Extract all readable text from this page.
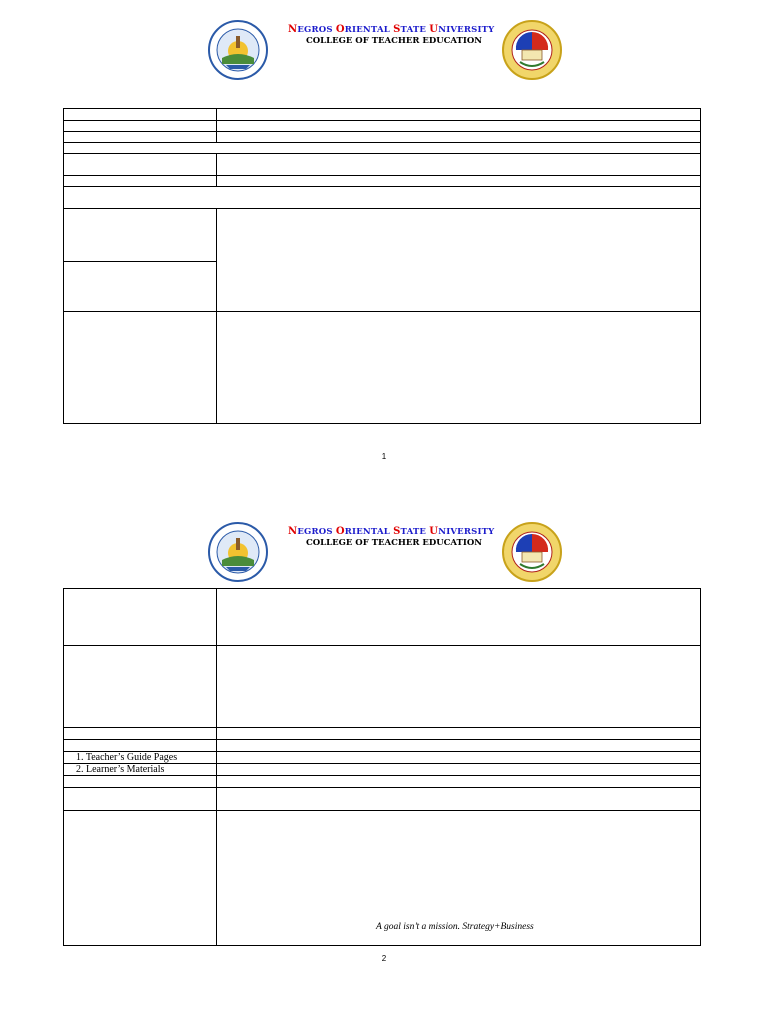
NEGROS ORIENTAL STATE UNIVERSITY
COLLEGE OF TEACHER EDUCATION

1
NEGROS ORIENTAL STATE UNIVERSITY
COLLEGE OF TEACHER EDUCATION

1. Teacher’s Guide Pages	
2. Learner’s Materials	

A goal isn’t a mission. Strategy+Business
2
